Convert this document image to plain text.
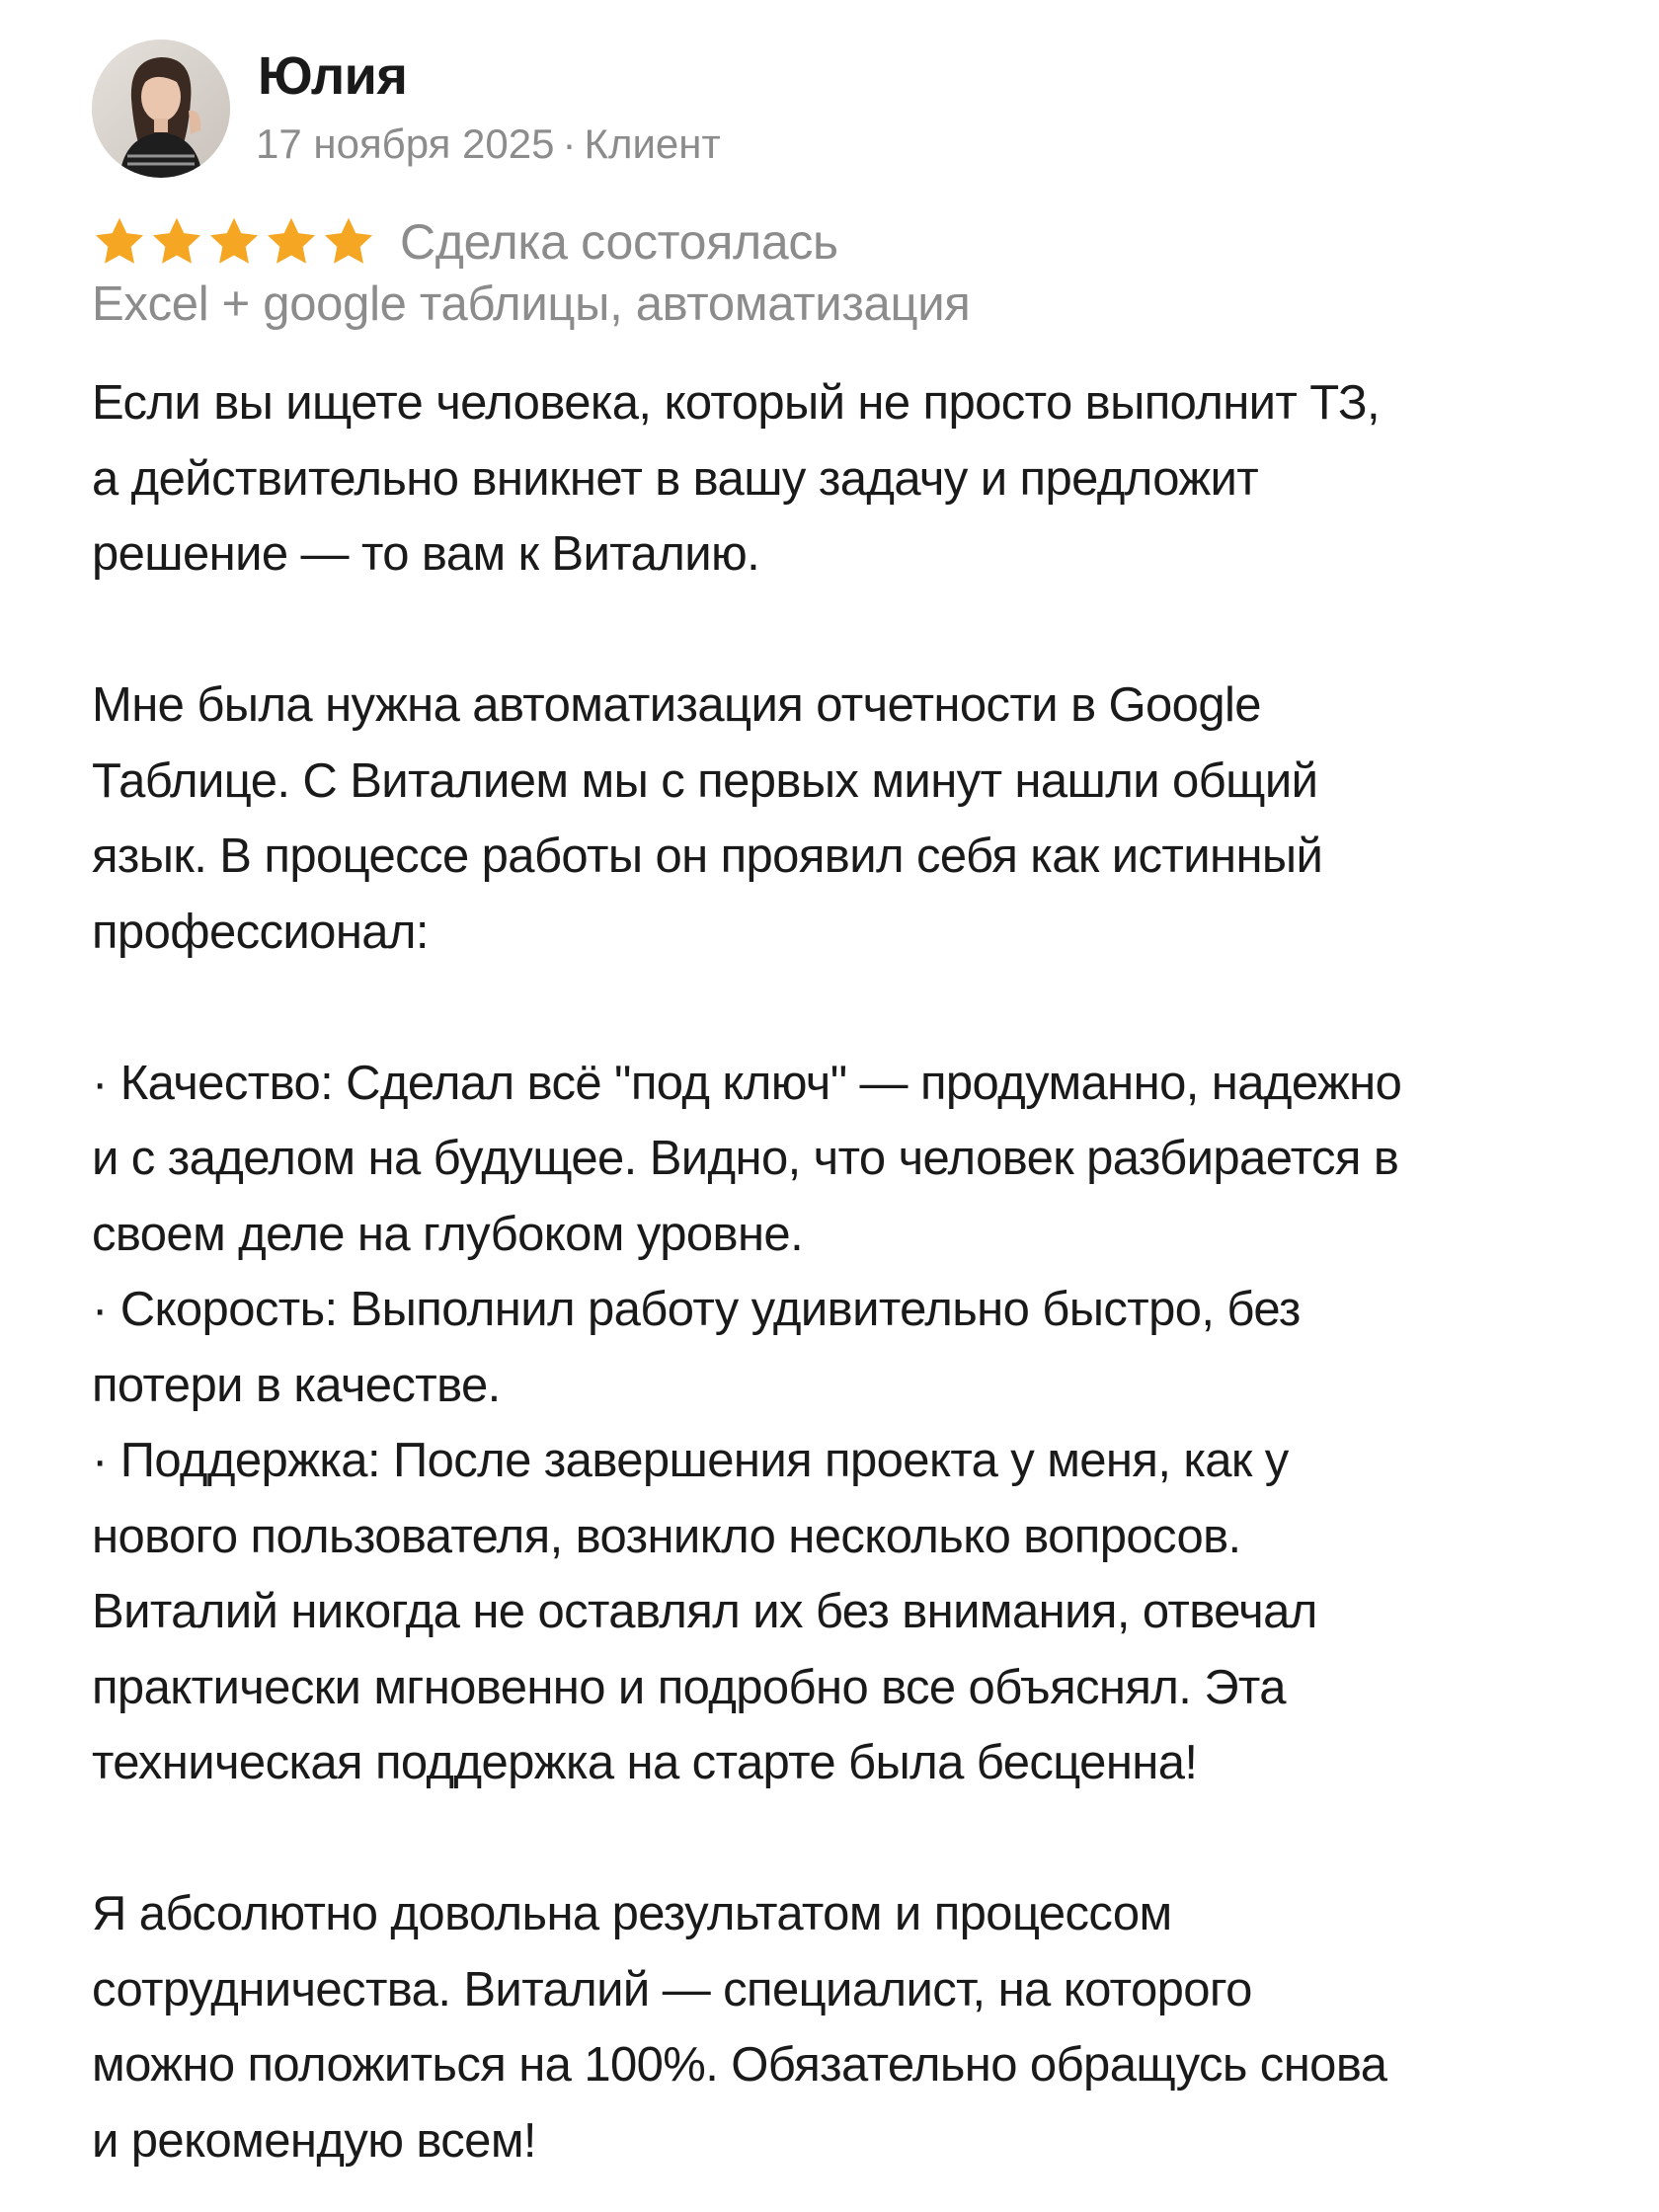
Юлия
17 ноября 2025 · Клиент
Сделка состоялась
Excel + google таблицы, автоматизация
Если вы ищете человека, который не просто выполнит ТЗ,
а действительно вникнет в вашу задачу и предложит
решение — то вам к Виталию.
Мне была нужна автоматизация отчетности в Google
Таблице. С Виталием мы с первых минут нашли общий
язык. В процессе работы он проявил себя как истинный
профессионал:
· Качество: Сделал всё "под ключ" — продуманно, надежно
и с заделом на будущее. Видно, что человек разбирается в
своем деле на глубоком уровне.
· Скорость: Выполнил работу удивительно быстро, без
потери в качестве.
· Поддержка: После завершения проекта у меня, как у
нового пользователя, возникло несколько вопросов.
Виталий никогда не оставлял их без внимания, отвечал
практически мгновенно и подробно все объяснял. Эта
техническая поддержка на старте была бесценна!
Я абсолютно довольна результатом и процессом
сотрудничества. Виталий — специалист, на которого
можно положиться на 100%. Обязательно обращусь снова
и рекомендую всем!
